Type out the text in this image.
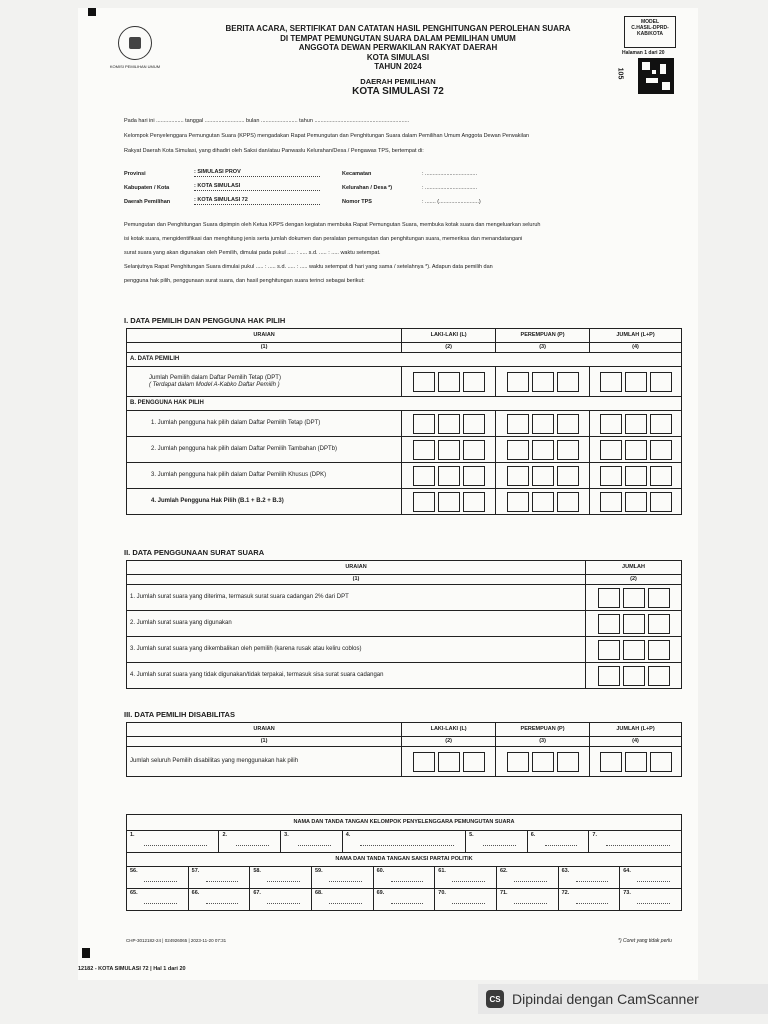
KOMISI PEMILIHAN UMUM
BERITA ACARA, SERTIFIKAT DAN CATATAN HASIL PENGHITUNGAN PEROLEHAN SUARA
DI TEMPAT PEMUNGUTAN SUARA DALAM PEMILIHAN UMUM
ANGGOTA DEWAN PERWAKILAN RAKYAT DAERAH
KOTA SIMULASI
TAHUN 2024
DAERAH PEMILIHAN
KOTA SIMULASI 72
MODEL
C.HASIL-DPRD-
KAB/KOTA
Halaman 1 dari 20
105
Pada hari ini .................. tanggal .......................... bulan ........................ tahun ..............................................................
Kelompok Penyelenggara Pemungutan Suara (KPPS) mengadakan Rapat Pemungutan dan Penghitungan Suara dalam Pemilihan Umum Anggota Dewan Perwakilan
Rakyat Daerah Kota Simulasi, yang dihadiri oleh Saksi dan/atau Panwaslu Kelurahan/Desa / Pengawas TPS, bertempat di:
Provinsi	: SIMULASI PROV
Kabupaten / Kota	: KOTA SIMULASI
Daerah Pemilihan	: KOTA SIMULASI 72
Kecamatan	: ..................................
Kelurahan / Desa *)	: ..................................
Nomor TPS	: ....... (..........................)
Pemungutan dan Penghitungan Suara dipimpin oleh Ketua KPPS dengan kegiatan membuka Rapat Pemungutan Suara, membuka kotak suara dan mengeluarkan seluruh
isi kotak suara, mengidentifikasi dan menghitung jenis serta jumlah dokumen dan peralatan pemungutan dan penghitungan suara, memeriksa dan menandatangani
surat suara yang akan digunakan oleh Pemilih, dimulai pada pukul ..... : ..... s.d. ..... : ..... waktu setempat.
Selanjutnya Rapat Penghitungan Suara dimulai pukul ..... : ..... s.d. ..... : ..... waktu setempat di hari yang sama / setelahnya *). Adapun data pemilih dan
pengguna hak pilih, penggunaan surat suara, dan hasil penghitungan suara terinci sebagai berikut:
I. DATA PEMILIH DAN PENGGUNA HAK PILIH
URAIAN	LAKI-LAKI (L)	PEREMPUAN (P)	JUMLAH (L+P)
(1)	(2)	(3)	(4)
A. DATA PEMILIH			

Jumlah Pemilih dalam Daftar Pemilih Tetap (DPT)
( Terdapat dalam Model A-Kabko Daftar Pemilih )			

B. PENGGUNA HAK PILIH			
1. Jumlah pengguna hak pilih dalam Daftar Pemilih Tetap (DPT)	

2. Jumlah pengguna hak pilih dalam Daftar Pemilih Tambahan (DPTb)	

3. Jumlah pengguna hak pilih dalam Daftar Pemilih Khusus (DPK)	

4. Jumlah Pengguna Hak Pilih (B.1 + B.2 + B.3)	

II. DATA PENGGUNAAN SURAT SUARA
URAIAN	JUMLAH
(1)	(2)
1. Jumlah surat suara yang diterima, termasuk surat suara cadangan 2% dari DPT	

2. Jumlah surat suara yang digunakan	

3. Jumlah surat suara yang dikembalikan oleh pemilih (karena rusak atau keliru coblos)	

4. Jumlah surat suara yang tidak digunakan/tidak terpakai, termasuk sisa surat suara cadangan	
III. DATA PEMILIH DISABILITAS
URAIAN	LAKI-LAKI (L)	PEREMPUAN (P)	JUMLAH (L+P)
(1)	(2)	(3)	(4)
Jumlah seluruh Pemilih disabilitas yang menggunakan hak pilih	

NAMA DAN TANDA TANGAN KELOMPOK PENYELENGGARA PEMUNGUTAN SUARA														
1.		2.		3.		4.			5.		6.		7.	

NAMA DAN TANDA TANGAN SAKSI PARTAI POLITIK														
56.	57.		58.		59.		60.	61.		62.		63.		64.

65.	66.		67.		68.		69.	70.		71.		72.		73.
CHP-3012182-24 | 024926065 | 2023-11-20 07:31	*) Coret yang tidak perlu
12182 - KOTA SIMULASI 72 | Hal 1 dari 20
CS Dipindai dengan CamScanner
